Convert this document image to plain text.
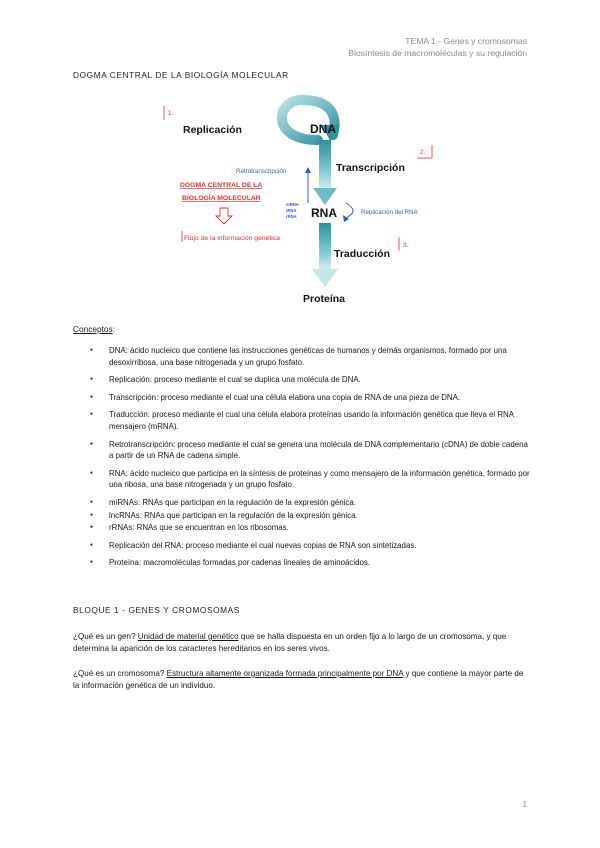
TEMA 1 - Genes y cromosomas
Biosíntesis de macromoléculas y su regulación
DOGMA CENTRAL DE LA BIOLOGÍA MOLECULAR
Replicación	DNA
1.
Retrotranscripción	Transcripción
2.
DOGMA CENTRAL DE LA
BIOLOGÍA MOLECULAR
Flujo de la información genética
mRNA
tRNA
rRNA RNA	Replicación del RNA
Traducción
3.
Proteína
Conceptos:
● DNA: ácido nucleico que contiene las instrucciones genéticas de humanos y demás organismos, formado por una desoxirribosa, una base nitrogenada y un grupo fosfato.
● Replicación: proceso mediante el cual se duplica una molécula de DNA.
● Transcripción: proceso mediante el cual una célula elabora una copia de RNA de una pieza de DNA.
● Traducción: proceso mediante el cual una célula elabora proteínas usando la información genética que lleva el RNA mensajero (mRNA).
● Retrotranscripción: proceso mediante el cual se genera una molécula de DNA complementario (cDNA) de doble cadena a partir de un RNA de cadena simple.
● RNA: ácido nucleico que participa en la síntesis de proteínas y como mensajero de la información genética, formado por una ribosa, una base nitrogenada y un grupo fosfato.
● miRNAs: RNAs que participan en la regulación de la expresión génica.
● lncRNAs: RNAs que participan en la regulación de la expresión génica.
● rRNAs: RNAs que se encuentran en los ribosomas.
● Replicación del RNA: proceso mediante el cual nuevas copias de RNA son sintetizadas.
● Proteína: macromoléculas formadas por cadenas lineales de aminoácidos.
BLOQUE 1 - GENES Y CROMOSOMAS
¿Qué es un gen? Unidad de material genético que se halla dispuesta en un orden fijo a lo largo de un cromosoma, y que determina la aparición de los caracteres hereditarios en los seres vivos.
¿Qué es un cromosoma? Estructura altamente organizada formada principalmente por DNA y que contiene la mayor parte de la información genética de un individuo.
1
